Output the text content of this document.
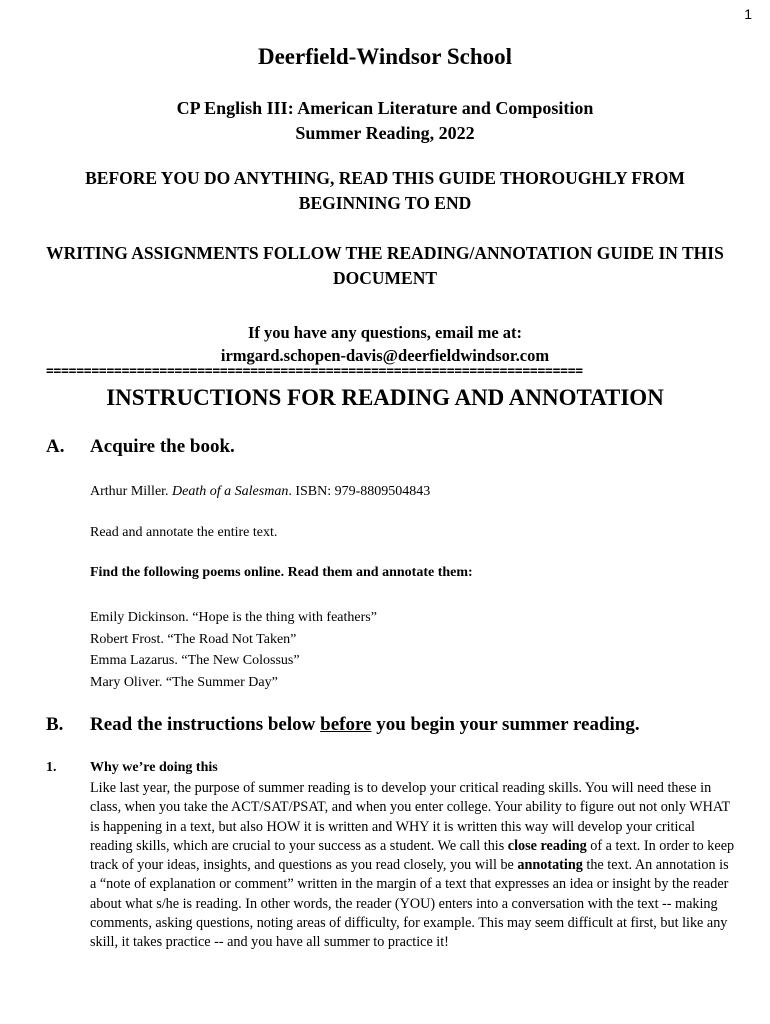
1
Deerfield-Windsor School
CP English III: American Literature and Composition
Summer Reading, 2022
BEFORE YOU DO ANYTHING, READ THIS GUIDE THOROUGHLY FROM BEGINNING TO END
WRITING ASSIGNMENTS FOLLOW THE READING/ANNOTATION GUIDE IN THIS DOCUMENT
If you have any questions, email me at:
irmgard.schopen-davis@deerfieldwindsor.com
=======================================================================
INSTRUCTIONS FOR READING AND ANNOTATION
A. Acquire the book.
Arthur Miller. Death of a Salesman. ISBN: 979-8809504843
Read and annotate the entire text.
Find the following poems online. Read them and annotate them:
Emily Dickinson. “Hope is the thing with feathers”
Robert Frost. “The Road Not Taken”
Emma Lazarus. “The New Colossus”
Mary Oliver. “The Summer Day”
B. Read the instructions below before you begin your summer reading.
1. Why we’re doing this
Like last year, the purpose of summer reading is to develop your critical reading skills. You will need these in class, when you take the ACT/SAT/PSAT, and when you enter college. Your ability to figure out not only WHAT is happening in a text, but also HOW it is written and WHY it is written this way will develop your critical reading skills, which are crucial to your success as a student. We call this close reading of a text. In order to keep track of your ideas, insights, and questions as you read closely, you will be annotating the text. An annotation is a “note of explanation or comment” written in the margin of a text that expresses an idea or insight by the reader about what s/he is reading. In other words, the reader (YOU) enters into a conversation with the text -- making comments, asking questions, noting areas of difficulty, for example. This may seem difficult at first, but like any skill, it takes practice -- and you have all summer to practice it!
